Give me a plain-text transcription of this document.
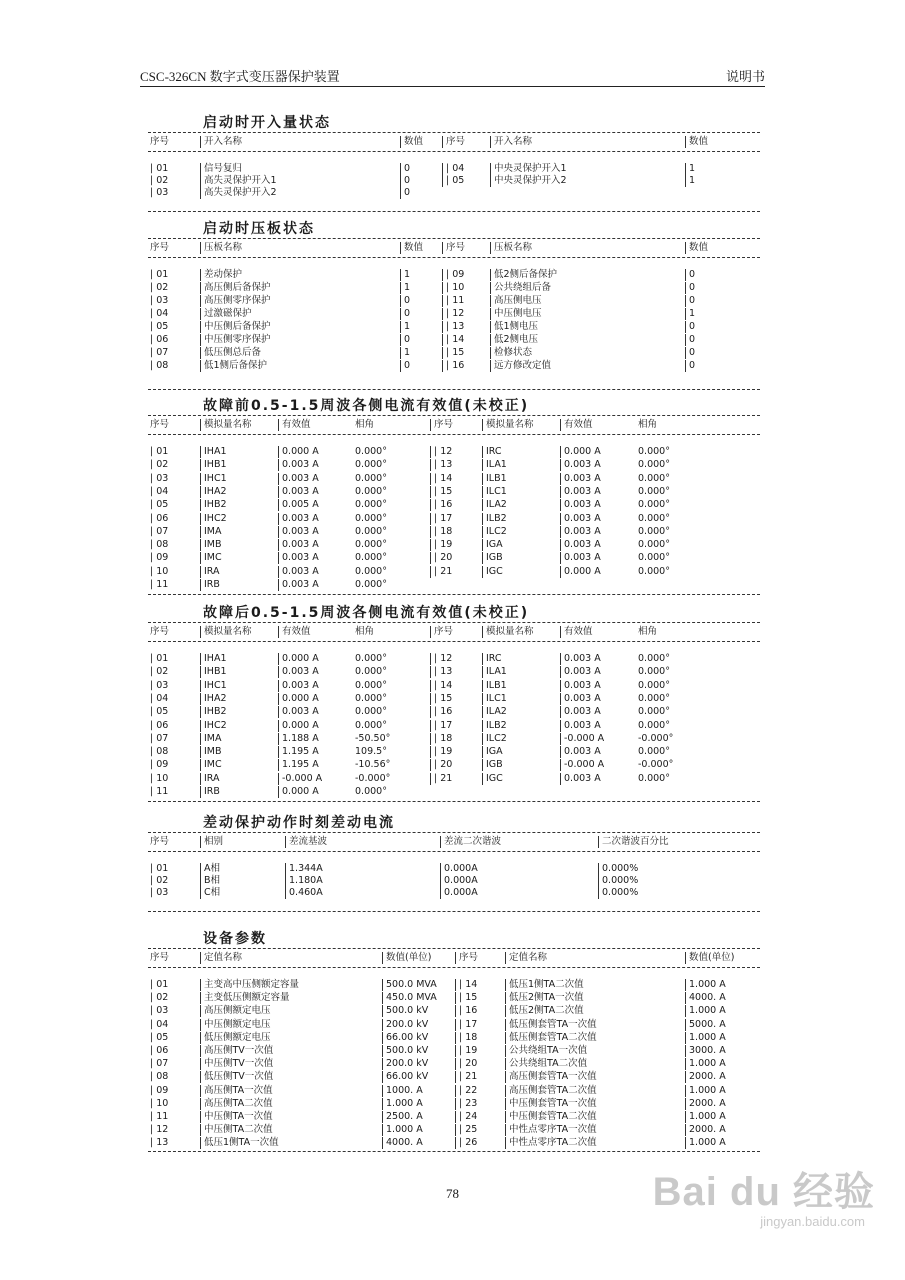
CSC-326CN 数字式变压器保护装置	说明书
启动时开入量状态
序号	开入名称	数值	序号	开入名称	数值
| 01	信号复归	0	| 04	中央灵保护开入1	1
| 02	高失灵保护开入1	0	| 05	中央灵保护开入2	1
| 03	高失灵保护开入2	0
启动时压板状态
序号	压板名称	数值	序号	压板名称	数值
| 01	差动保护	1	| 09	低2侧后备保护	0
| 02	高压侧后备保护	1	| 10	公共绕组后备	0
| 03	高压侧零序保护	0	| 11	高压侧电压	0
| 04	过激磁保护	0	| 12	中压侧电压	1
| 05	中压侧后备保护	1	| 13	低1侧电压	0
| 06	中压侧零序保护	0	| 14	低2侧电压	0
| 07	低压侧总后备	1	| 15	检修状态	0
| 08	低1侧后备保护	0	| 16	远方修改定值	0
故障前0.5-1.5周波各侧电流有效值(未校正)
序号	模拟量名称	有效值	相角	序号	模拟量名称	有效值	相角
| 01	IHA1	0.000 A	0.000°	| 12	IRC	0.000 A	0.000°
| 02	IHB1	0.003 A	0.000°	| 13	ILA1	0.003 A	0.000°
| 03	IHC1	0.003 A	0.000°	| 14	ILB1	0.003 A	0.000°
| 04	IHA2	0.003 A	0.000°	| 15	ILC1	0.003 A	0.000°
| 05	IHB2	0.005 A	0.000°	| 16	ILA2	0.003 A	0.000°
| 06	IHC2	0.003 A	0.000°	| 17	ILB2	0.003 A	0.000°
| 07	IMA	0.003 A	0.000°	| 18	ILC2	0.003 A	0.000°
| 08	IMB	0.003 A	0.000°	| 19	IGA	0.003 A	0.000°
| 09	IMC	0.003 A	0.000°	| 20	IGB	0.003 A	0.000°
| 10	IRA	0.003 A	0.000°	| 21	IGC	0.000 A	0.000°
| 11	IRB	0.003 A	0.000°
故障后0.5-1.5周波各侧电流有效值(未校正)
序号	模拟量名称	有效值	相角	序号	模拟量名称	有效值	相角
| 01	IHA1	0.000 A	0.000°	| 12	IRC	0.003 A	0.000°
| 02	IHB1	0.003 A	0.000°	| 13	ILA1	0.003 A	0.000°
| 03	IHC1	0.003 A	0.000°	| 14	ILB1	0.003 A	0.000°
| 04	IHA2	0.000 A	0.000°	| 15	ILC1	0.003 A	0.000°
| 05	IHB2	0.003 A	0.000°	| 16	ILA2	0.003 A	0.000°
| 06	IHC2	0.000 A	0.000°	| 17	ILB2	0.003 A	0.000°
| 07	IMA	1.188 A	-50.50°	| 18	ILC2	-0.000 A	-0.000°
| 08	IMB	1.195 A	109.5°	| 19	IGA	0.003 A	0.000°
| 09	IMC	1.195 A	-10.56°	| 20	IGB	-0.000 A	-0.000°
| 10	IRA	-0.000 A	-0.000°	| 21	IGC	0.003 A	0.000°
| 11	IRB	0.000 A	0.000°
差动保护动作时刻差动电流
序号	相别	差流基波	差流二次谐波	二次谐波百分比
| 01	A相	1.344A	0.000A	0.000%
| 02	B相	1.180A	0.000A	0.000%
| 03	C相	0.460A	0.000A	0.000%
设备参数
序号	定值名称	数值(单位)	序号	定值名称	数值(单位)
| 01	主变高中压侧额定容量	500.0 MVA	| 14	低压1侧TA二次值	1.000 A
| 02	主变低压侧额定容量	450.0 MVA	| 15	低压2侧TA一次值	4000. A
| 03	高压侧额定电压	500.0 kV	| 16	低压2侧TA二次值	1.000 A
| 04	中压侧额定电压	200.0 kV	| 17	低压侧套管TA一次值	5000. A
| 05	低压侧额定电压	66.00 kV	| 18	低压侧套管TA二次值	1.000 A
| 06	高压侧TV一次值	500.0 kV	| 19	公共绕组TA一次值	3000. A
| 07	中压侧TV一次值	200.0 kV	| 20	公共绕组TA二次值	1.000 A
| 08	低压侧TV一次值	66.00 kV	| 21	高压侧套管TA一次值	2000. A
| 09	高压侧TA一次值	1000. A	| 22	高压侧套管TA二次值	1.000 A
| 10	高压侧TA二次值	1.000 A	| 23	中压侧套管TA一次值	2000. A
| 11	中压侧TA一次值	2500. A	| 24	中压侧套管TA二次值	1.000 A
| 12	中压侧TA二次值	1.000 A	| 25	中性点零序TA一次值	2000. A
| 13	低压1侧TA一次值	4000. A	| 26	中性点零序TA二次值	1.000 A
78	Bai du 经验
jingyan.baidu.com
